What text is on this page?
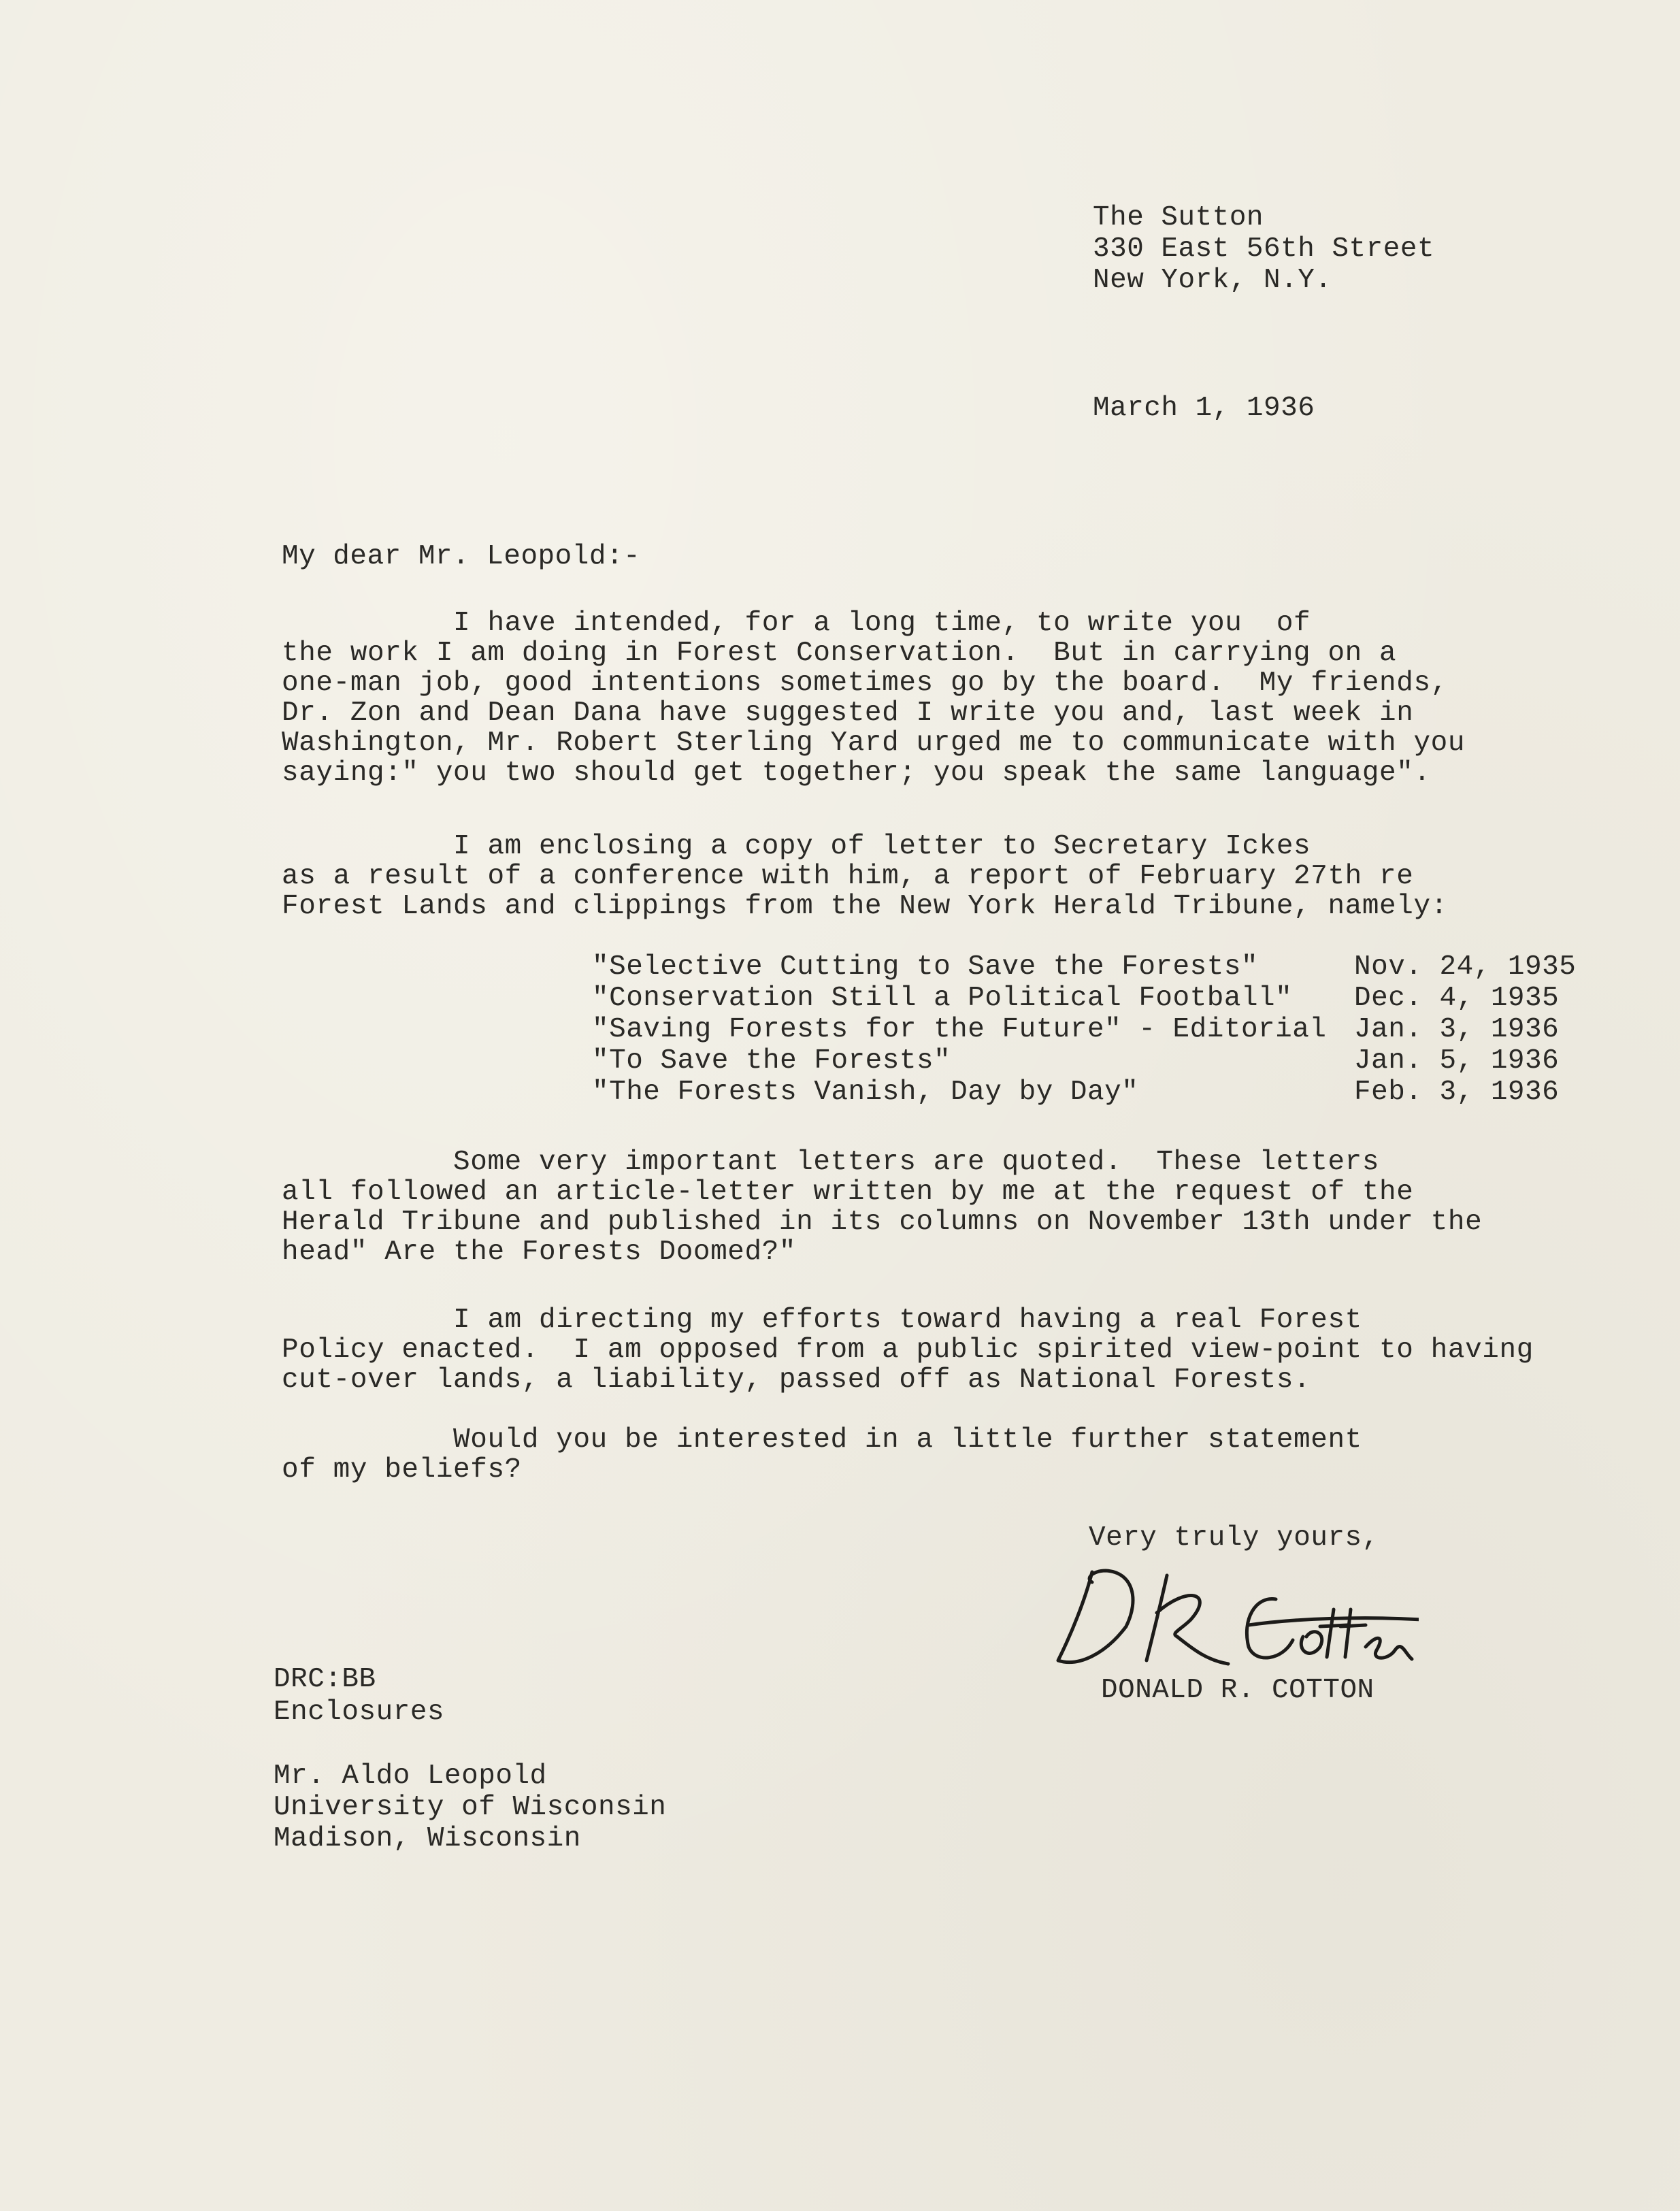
The Sutton
330 East 56th Street
New York, N.Y.
March 1, 1936
My dear Mr. Leopold:-
I have intended, for a long time, to write you  of
the work I am doing in Forest Conservation.  But in carrying on a
one-man job, good intentions sometimes go by the board.  My friends,
Dr. Zon and Dean Dana have suggested I write you and, last week in
Washington, Mr. Robert Sterling Yard urged me to communicate with you
saying:" you two should get together; you speak the same language".
I am enclosing a copy of letter to Secretary Ickes
as a result of a conference with him, a report of February 27th re
Forest Lands and clippings from the New York Herald Tribune, namely:
"Selective Cutting to Save the Forests"	Nov. 24, 1935
"Conservation Still a Political Football" Dec. 4, 1935
"Saving Forests for the Future" - Editorial Jan. 3, 1936
"To Save the Forests"	Jan. 5, 1936
"The Forests Vanish, Day by Day"	Feb. 3, 1936
Some very important letters are quoted.  These letters
all followed an article-letter written by me at the request of the
Herald Tribune and published in its columns on November 13th under the
head" Are the Forests Doomed?"
I am directing my efforts toward having a real Forest
Policy enacted.  I am opposed from a public spirited view-point to having
cut-over lands, a liability, passed off as National Forests.
Would you be interested in a little further statement
of my beliefs?
Very truly yours,
DONALD R. COTTON
DRC:BB
Enclosures
Mr. Aldo Leopold
University of Wisconsin
Madison, Wisconsin
